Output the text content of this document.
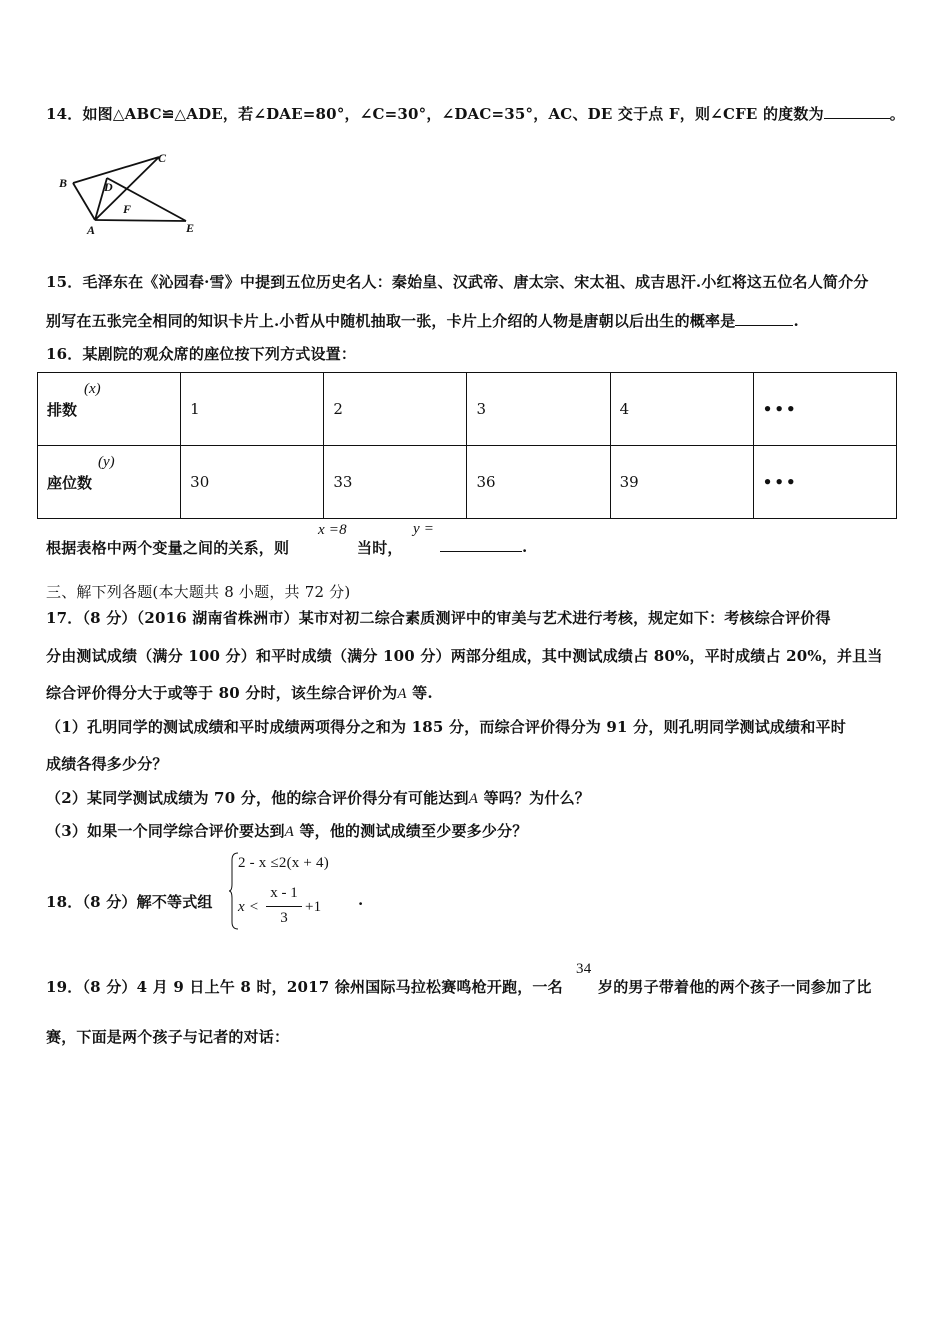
14．如图△ABC≌△ADE，若∠DAE=80°，∠C=30°，∠DAC=35°，AC、DE 交于点 F，则∠CFE 的度数为	。
B
C
D
F
A	E
15．毛泽东在《沁园春·雪》中提到五位历史名人：秦始皇、汉武帝、唐太宗、宋太祖、成吉思汗.小红将这五位名人简介分
别写在五张完全相同的知识卡片上.小哲从中随机抽取一张，卡片上介绍的人物是唐朝以后出生的概率是	.
16．某剧院的观众席的座位按下列方式设置：
排数
(x)	1	2	3	4	•••
座位数
(y)	30	33	36	39	•••
根据表格中两个变量之间的关系，则
x =8
当时，
y =
.
三、解下列各题(本大题共 8 小题，共 72 分)
17．（8 分）（2016 湖南省株洲市）某市对初二综合素质测评中的审美与艺术进行考核，规定如下：考核综合评价得
分由测试成绩（满分 100 分）和平时成绩（满分 100 分）两部分组成，其中测试成绩占 80%，平时成绩占 20%，并且当
综合评价得分大于或等于 80 分时，该生综合评价为A 等.
（1）孔明同学的测试成绩和平时成绩两项得分之和为 185 分，而综合评价得分为 91 分，则孔明同学测试成绩和平时
成绩各得多少分？
（2）某同学测试成绩为 70 分，他的综合评价得分有可能达到A 等吗？为什么？
（3）如果一个同学综合评价要达到A 等，他的测试成绩至少要多少分？
18．（8 分）解不等式组
2 - x ≤2(x + 4)
x <
x - 1
3
+1 .
19．（8 分）4 月 9 日上午 8 时，2017 徐州国际马拉松赛鸣枪开跑，一名
34
岁的男子带着他的两个孩子一同参加了比
赛，下面是两个孩子与记者的对话：
